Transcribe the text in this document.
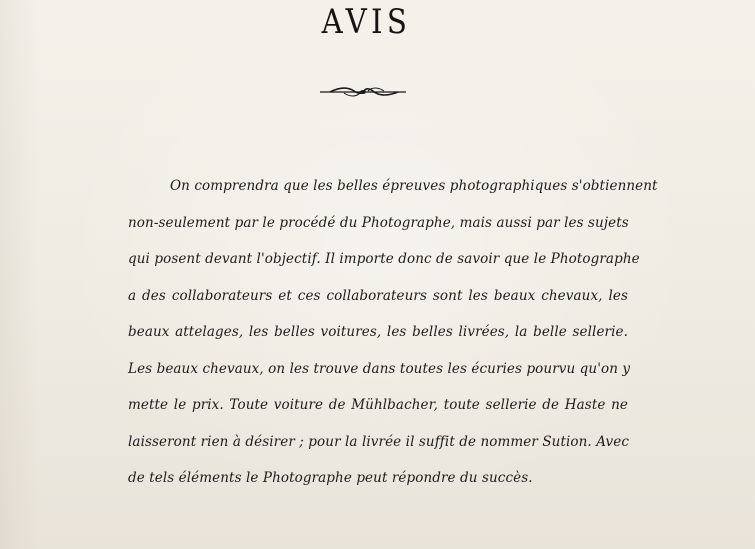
AVIS
On comprendra que les belles épreuves photographiques s'obtiennent
non-seulement par le procédé du Photographe, mais aussi par les sujets
qui posent devant l'objectif. Il importe donc de savoir que le Photographe
a des collaborateurs et ces collaborateurs sont les beaux chevaux, les
beaux attelages, les belles voitures, les belles livrées, la belle sellerie.
Les beaux chevaux, on les trouve dans toutes les écuries pourvu qu'on y
mette le prix. Toute voiture de Mühlbacher, toute sellerie de Haste ne
laisseront rien à désirer ; pour la livrée il suffit de nommer Sution. Avec
de tels éléments le Photographe peut répondre du succès.
